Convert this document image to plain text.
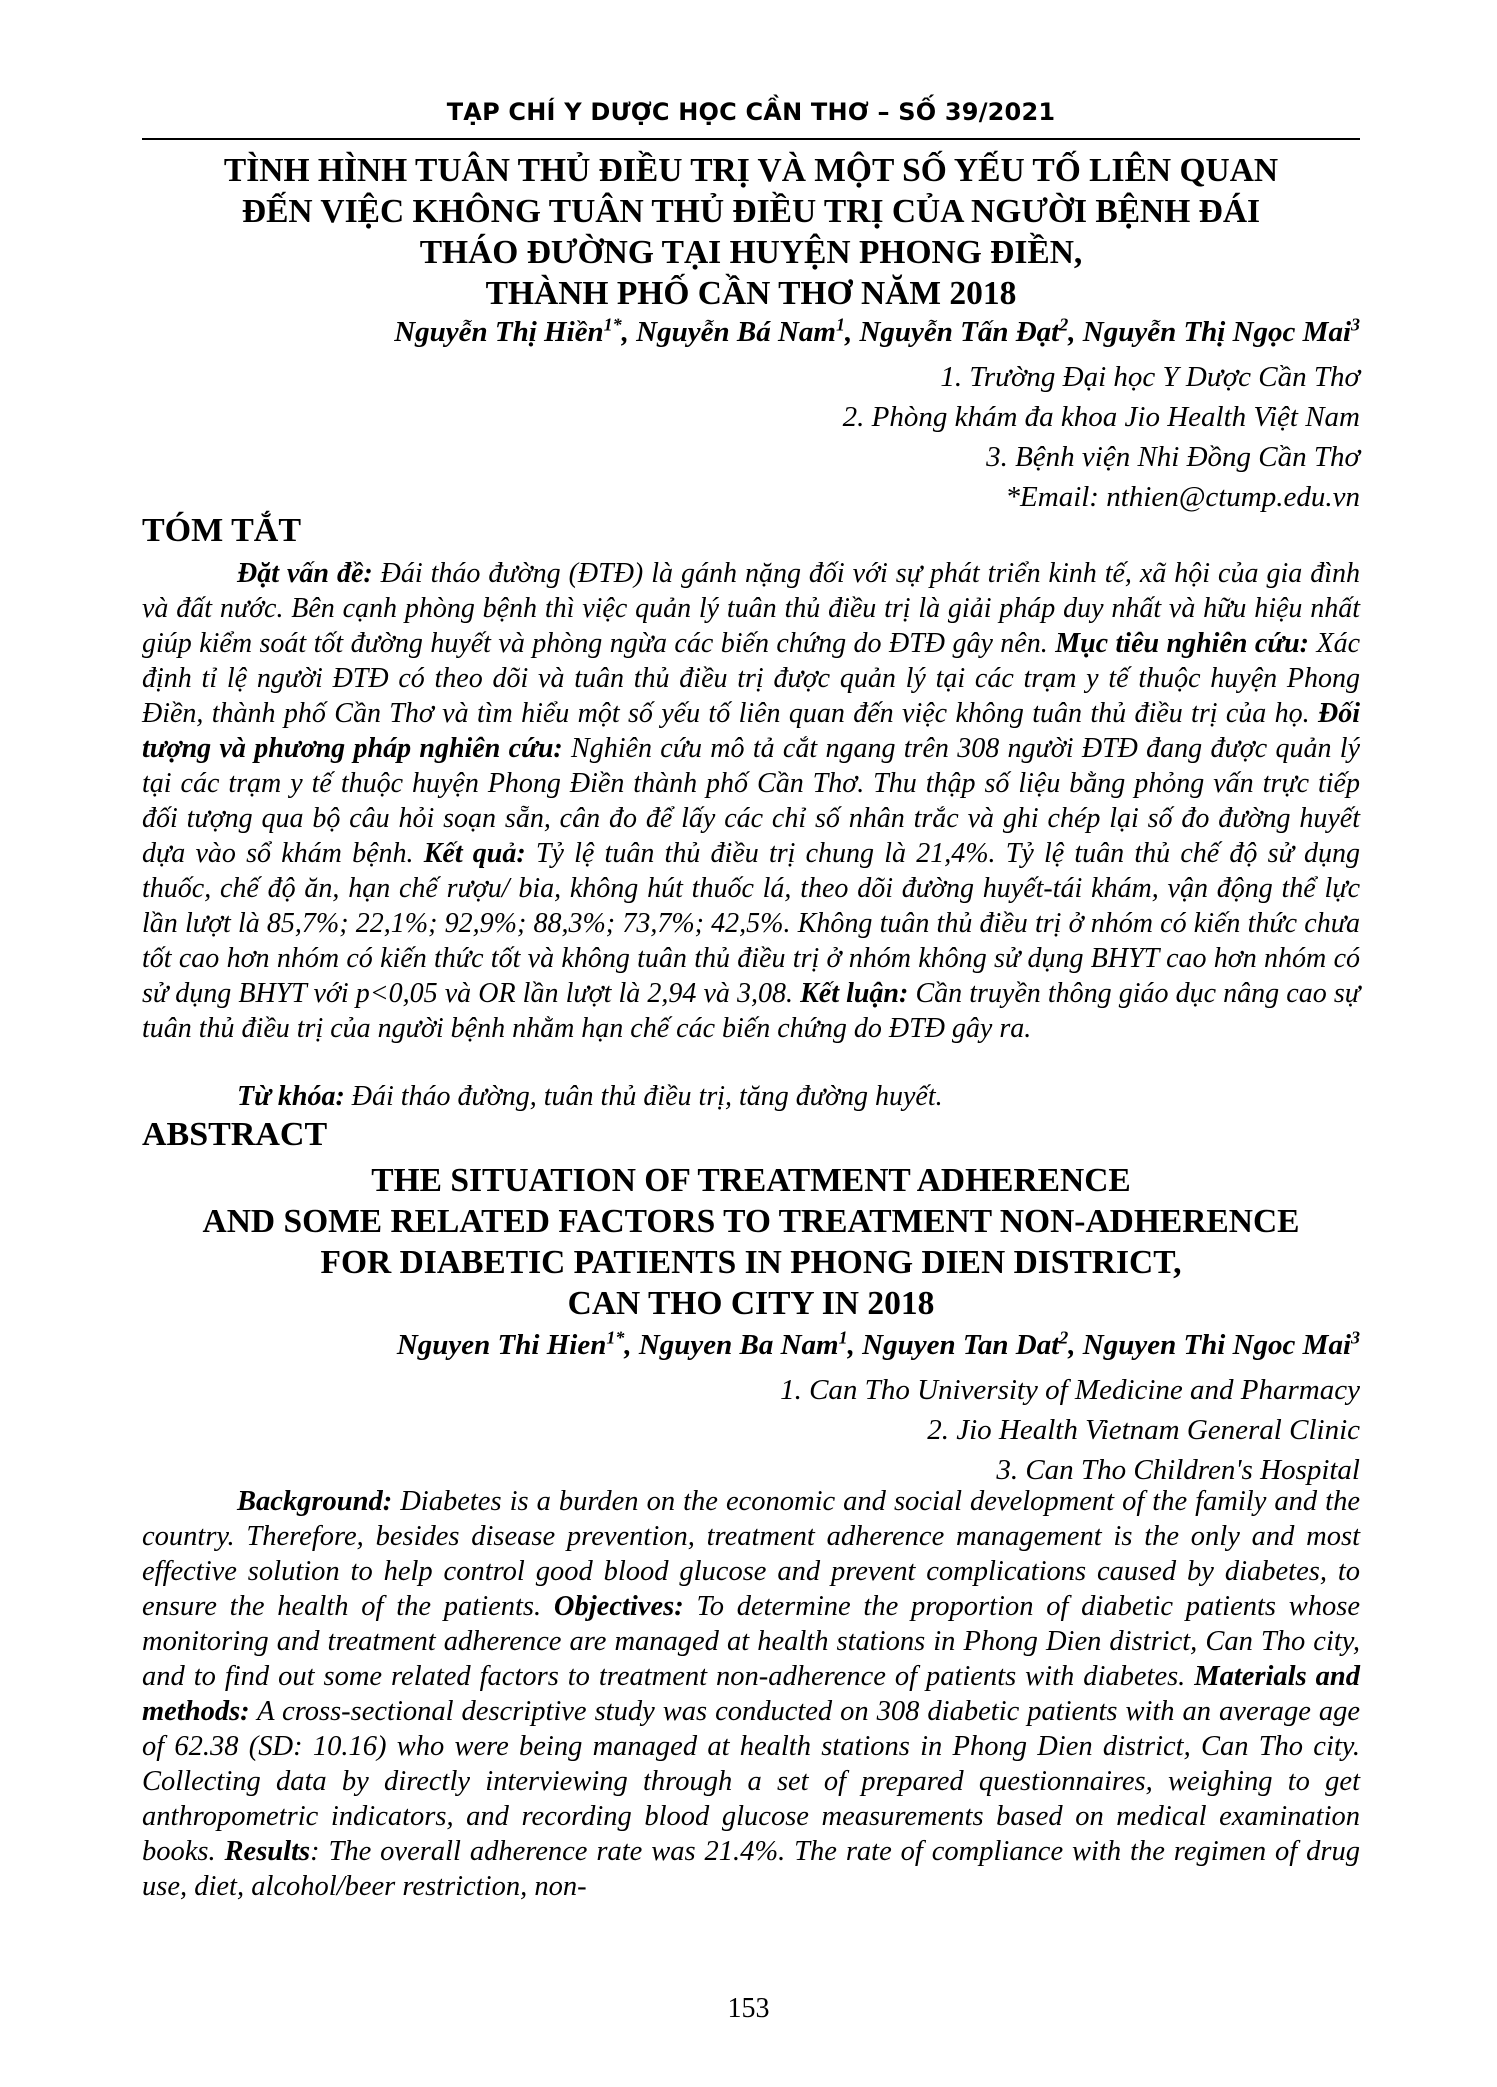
TẠP CHÍ Y DƯỢC HỌC CẦN THƠ – SỐ 39/2021
TÌNH HÌNH TUÂN THỦ ĐIỀU TRỊ VÀ MỘT SỐ YẾU TỐ LIÊN QUAN
ĐẾN VIỆC KHÔNG TUÂN THỦ ĐIỀU TRỊ CỦA NGƯỜI BỆNH ĐÁI
THÁO ĐƯỜNG TẠI HUYỆN PHONG ĐIỀN,
THÀNH PHỐ CẦN THƠ NĂM 2018
Nguyễn Thị Hiền$^{1*}$, Nguyễn Bá Nam$^1$, Nguyễn Tấn Đạt$^2$, Nguyễn Thị Ngọc Mai$^3$
1. Trường Đại học Y Dược Cần Thơ
2. Phòng khám đa khoa Jio Health Việt Nam
3. Bệnh viện Nhi Đồng Cần Thơ
*Email: nthien@ctump.edu.vn
TÓM TẮT
Đặt vấn đề: Đái tháo đường (ĐTĐ) là gánh nặng đối với sự phát triển kinh tế, xã hội của gia đình và đất nước. Bên cạnh phòng bệnh thì việc quản lý tuân thủ điều trị là giải pháp duy nhất và hữu hiệu nhất giúp kiểm soát tốt đường huyết và phòng ngừa các biến chứng do ĐTĐ gây nên. Mục tiêu nghiên cứu: Xác định tỉ lệ người ĐTĐ có theo dõi và tuân thủ điều trị được quản lý tại các trạm y tế thuộc huyện Phong Điền, thành phố Cần Thơ và tìm hiểu một số yếu tố liên quan đến việc không tuân thủ điều trị của họ. Đối tượng và phương pháp nghiên cứu: Nghiên cứu mô tả cắt ngang trên 308 người ĐTĐ đang được quản lý tại các trạm y tế thuộc huyện Phong Điền thành phố Cần Thơ. Thu thập số liệu bằng phỏng vấn trực tiếp đối tượng qua bộ câu hỏi soạn sẵn, cân đo để lấy các chỉ số nhân trắc và ghi chép lại số đo đường huyết dựa vào sổ khám bệnh. Kết quả: Tỷ lệ tuân thủ điều trị chung là 21,4%. Tỷ lệ tuân thủ chế độ sử dụng thuốc, chế độ ăn, hạn chế rượu/ bia, không hút thuốc lá, theo dõi đường huyết-tái khám, vận động thể lực lần lượt là 85,7%; 22,1%; 92,9%; 88,3%; 73,7%; 42,5%. Không tuân thủ điều trị ở nhóm có kiến thức chưa tốt cao hơn nhóm có kiến thức tốt và không tuân thủ điều trị ở nhóm không sử dụng BHYT cao hơn nhóm có sử dụng BHYT với p<0,05 và OR lần lượt là 2,94 và 3,08. Kết luận: Cần truyền thông giáo dục nâng cao sự tuân thủ điều trị của người bệnh nhằm hạn chế các biến chứng do ĐTĐ gây ra.
Từ khóa: Đái tháo đường, tuân thủ điều trị, tăng đường huyết.
ABSTRACT
THE SITUATION OF TREATMENT ADHERENCE
AND SOME RELATED FACTORS TO TREATMENT NON-ADHERENCE
FOR DIABETIC PATIENTS IN PHONG DIEN DISTRICT,
CAN THO CITY IN 2018
Nguyen Thi Hien$^{1*}$, Nguyen Ba Nam$^1$, Nguyen Tan Dat$^2$, Nguyen Thi Ngoc Mai$^3$
1. Can Tho University of Medicine and Pharmacy
2. Jio Health Vietnam General Clinic
3. Can Tho Children's Hospital
Background: Diabetes is a burden on the economic and social development of the family and the country. Therefore, besides disease prevention, treatment adherence management is the only and most effective solution to help control good blood glucose and prevent complications caused by diabetes, to ensure the health of the patients. Objectives: To determine the proportion of diabetic patients whose monitoring and treatment adherence are managed at health stations in Phong Dien district, Can Tho city, and to find out some related factors to treatment non-adherence of patients with diabetes. Materials and methods: A cross-sectional descriptive study was conducted on 308 diabetic patients with an average age of 62.38 (SD: 10.16) who were being managed at health stations in Phong Dien district, Can Tho city. Collecting data by directly interviewing through a set of prepared questionnaires, weighing to get anthropometric indicators, and recording blood glucose measurements based on medical examination books. Results: The overall adherence rate was 21.4%. The rate of compliance with the regimen of drug use, diet, alcohol/beer restriction, non-
153
